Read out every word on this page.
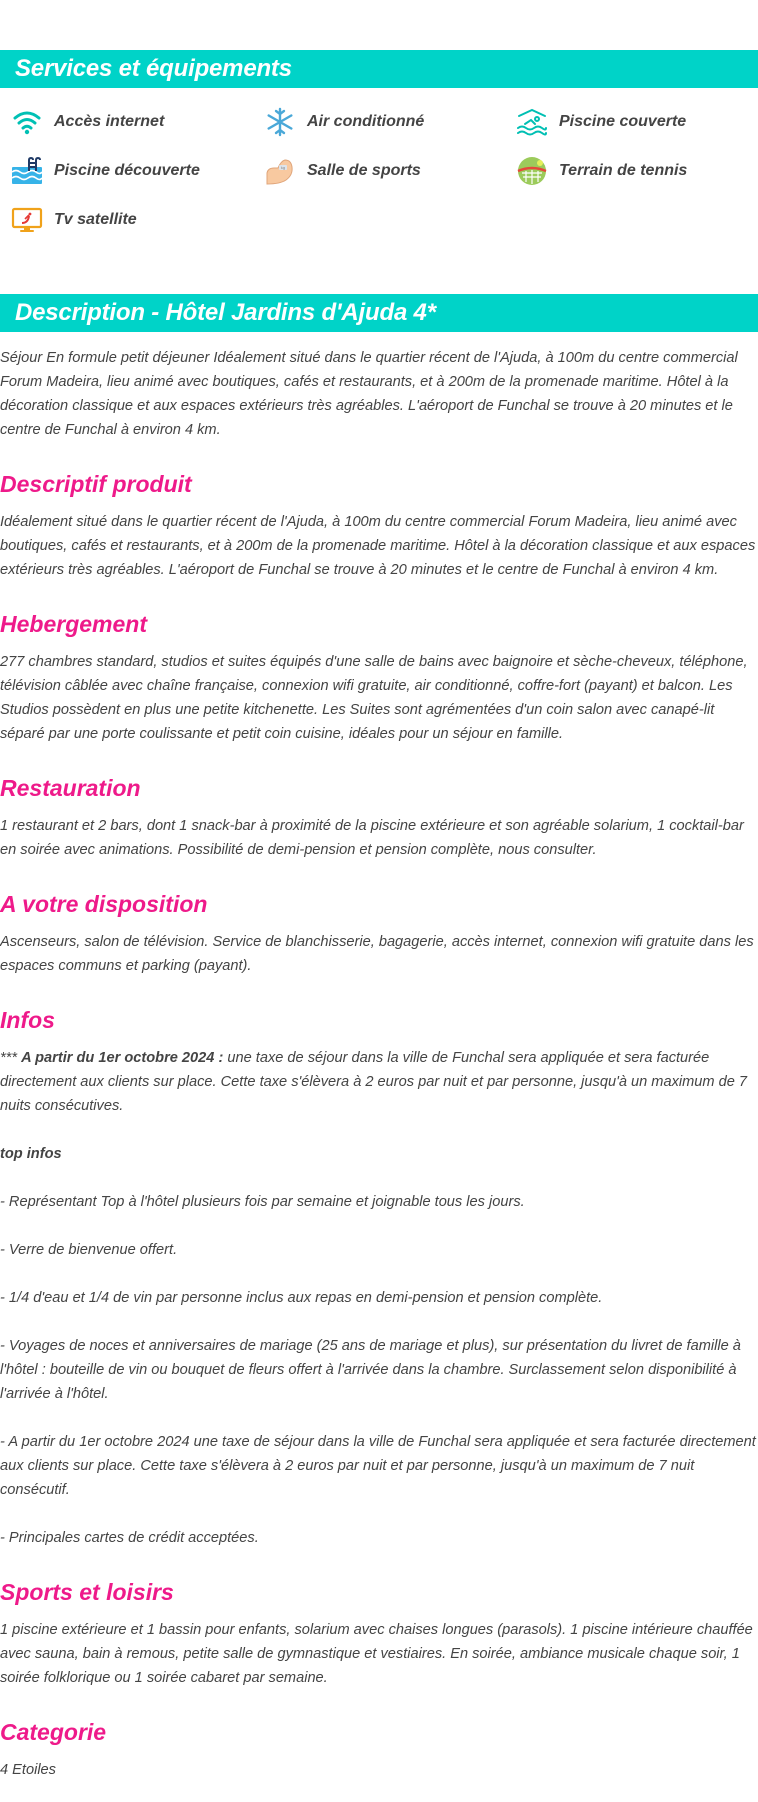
Services et équipements
Accès internet	Air conditionné	Piscine couverte
Piscine découverte	kg Salle de sports	Terrain de tennis
Tv satellite
Description - Hôtel Jardins d'Ajuda 4*

Séjour En formule petit déjeuner Idéalement situé dans le quartier récent de l'Ajuda, à 100m du centre commercial Forum Madeira, lieu animé avec boutiques, cafés et restaurants, et à 200m de la promenade maritime. Hôtel à la décoration classique et aux espaces extérieurs très agréables. L'aéroport de Funchal se trouve à 20 minutes et le centre de Funchal à environ 4 km.

Descriptif produit

Idéalement situé dans le quartier récent de l'Ajuda, à 100m du centre commercial Forum Madeira, lieu animé avec boutiques, cafés et restaurants, et à 200m de la promenade maritime. Hôtel à la décoration classique et aux espaces extérieurs très agréables. L'aéroport de Funchal se trouve à 20 minutes et le centre de Funchal à environ 4 km.

Hebergement

277 chambres standard, studios et suites équipés d'une salle de bains avec baignoire et sèche-cheveux, téléphone, télévision câblée avec chaîne française, connexion wifi gratuite, air conditionné, coffre-fort (payant) et balcon. Les Studios possèdent en plus une petite kitchenette. Les Suites sont agrémentées d'un coin salon avec canapé-lit séparé par une porte coulissante et petit coin cuisine, idéales pour un séjour en famille.

Restauration

1 restaurant et 2 bars, dont 1 snack-bar à proximité de la piscine extérieure et son agréable solarium, 1 cocktail-bar en soirée avec animations. Possibilité de demi-pension et pension complète, nous consulter.

A votre disposition

Ascenseurs, salon de télévision. Service de blanchisserie, bagagerie, accès internet, connexion wifi gratuite dans les espaces communs et parking (payant).

Infos

*** A partir du 1er octobre 2024 : une taxe de séjour dans la ville de Funchal sera appliquée et sera facturée directement aux clients sur place. Cette taxe s'élèvera à 2 euros par nuit et par personne, jusqu'à un maximum de 7 nuits consécutives.

top infos

- Représentant Top à l'hôtel plusieurs fois par semaine et joignable tous les jours.

- Verre de bienvenue offert.

- 1/4 d'eau et 1/4 de vin par personne inclus aux repas en demi-pension et pension complète.

- Voyages de noces et anniversaires de mariage (25 ans de mariage et plus), sur présentation du livret de famille à l'hôtel : bouteille de vin ou bouquet de fleurs offert à l'arrivée dans la chambre. Surclassement selon disponibilité à l'arrivée à l'hôtel.

- A partir du 1er octobre 2024 une taxe de séjour dans la ville de Funchal sera appliquée et sera facturée directement aux clients sur place. Cette taxe s'élèvera à 2 euros par nuit et par personne, jusqu'à un maximum de 7 nuit consécutif.

- Principales cartes de crédit acceptées.

Sports et loisirs

1 piscine extérieure et 1 bassin pour enfants, solarium avec chaises longues (parasols). 1 piscine intérieure chauffée avec sauna, bain à remous, petite salle de gymnastique et vestiaires. En soirée, ambiance musicale chaque soir, 1 soirée folklorique ou 1 soirée cabaret par semaine.

Categorie

4 Etoiles
